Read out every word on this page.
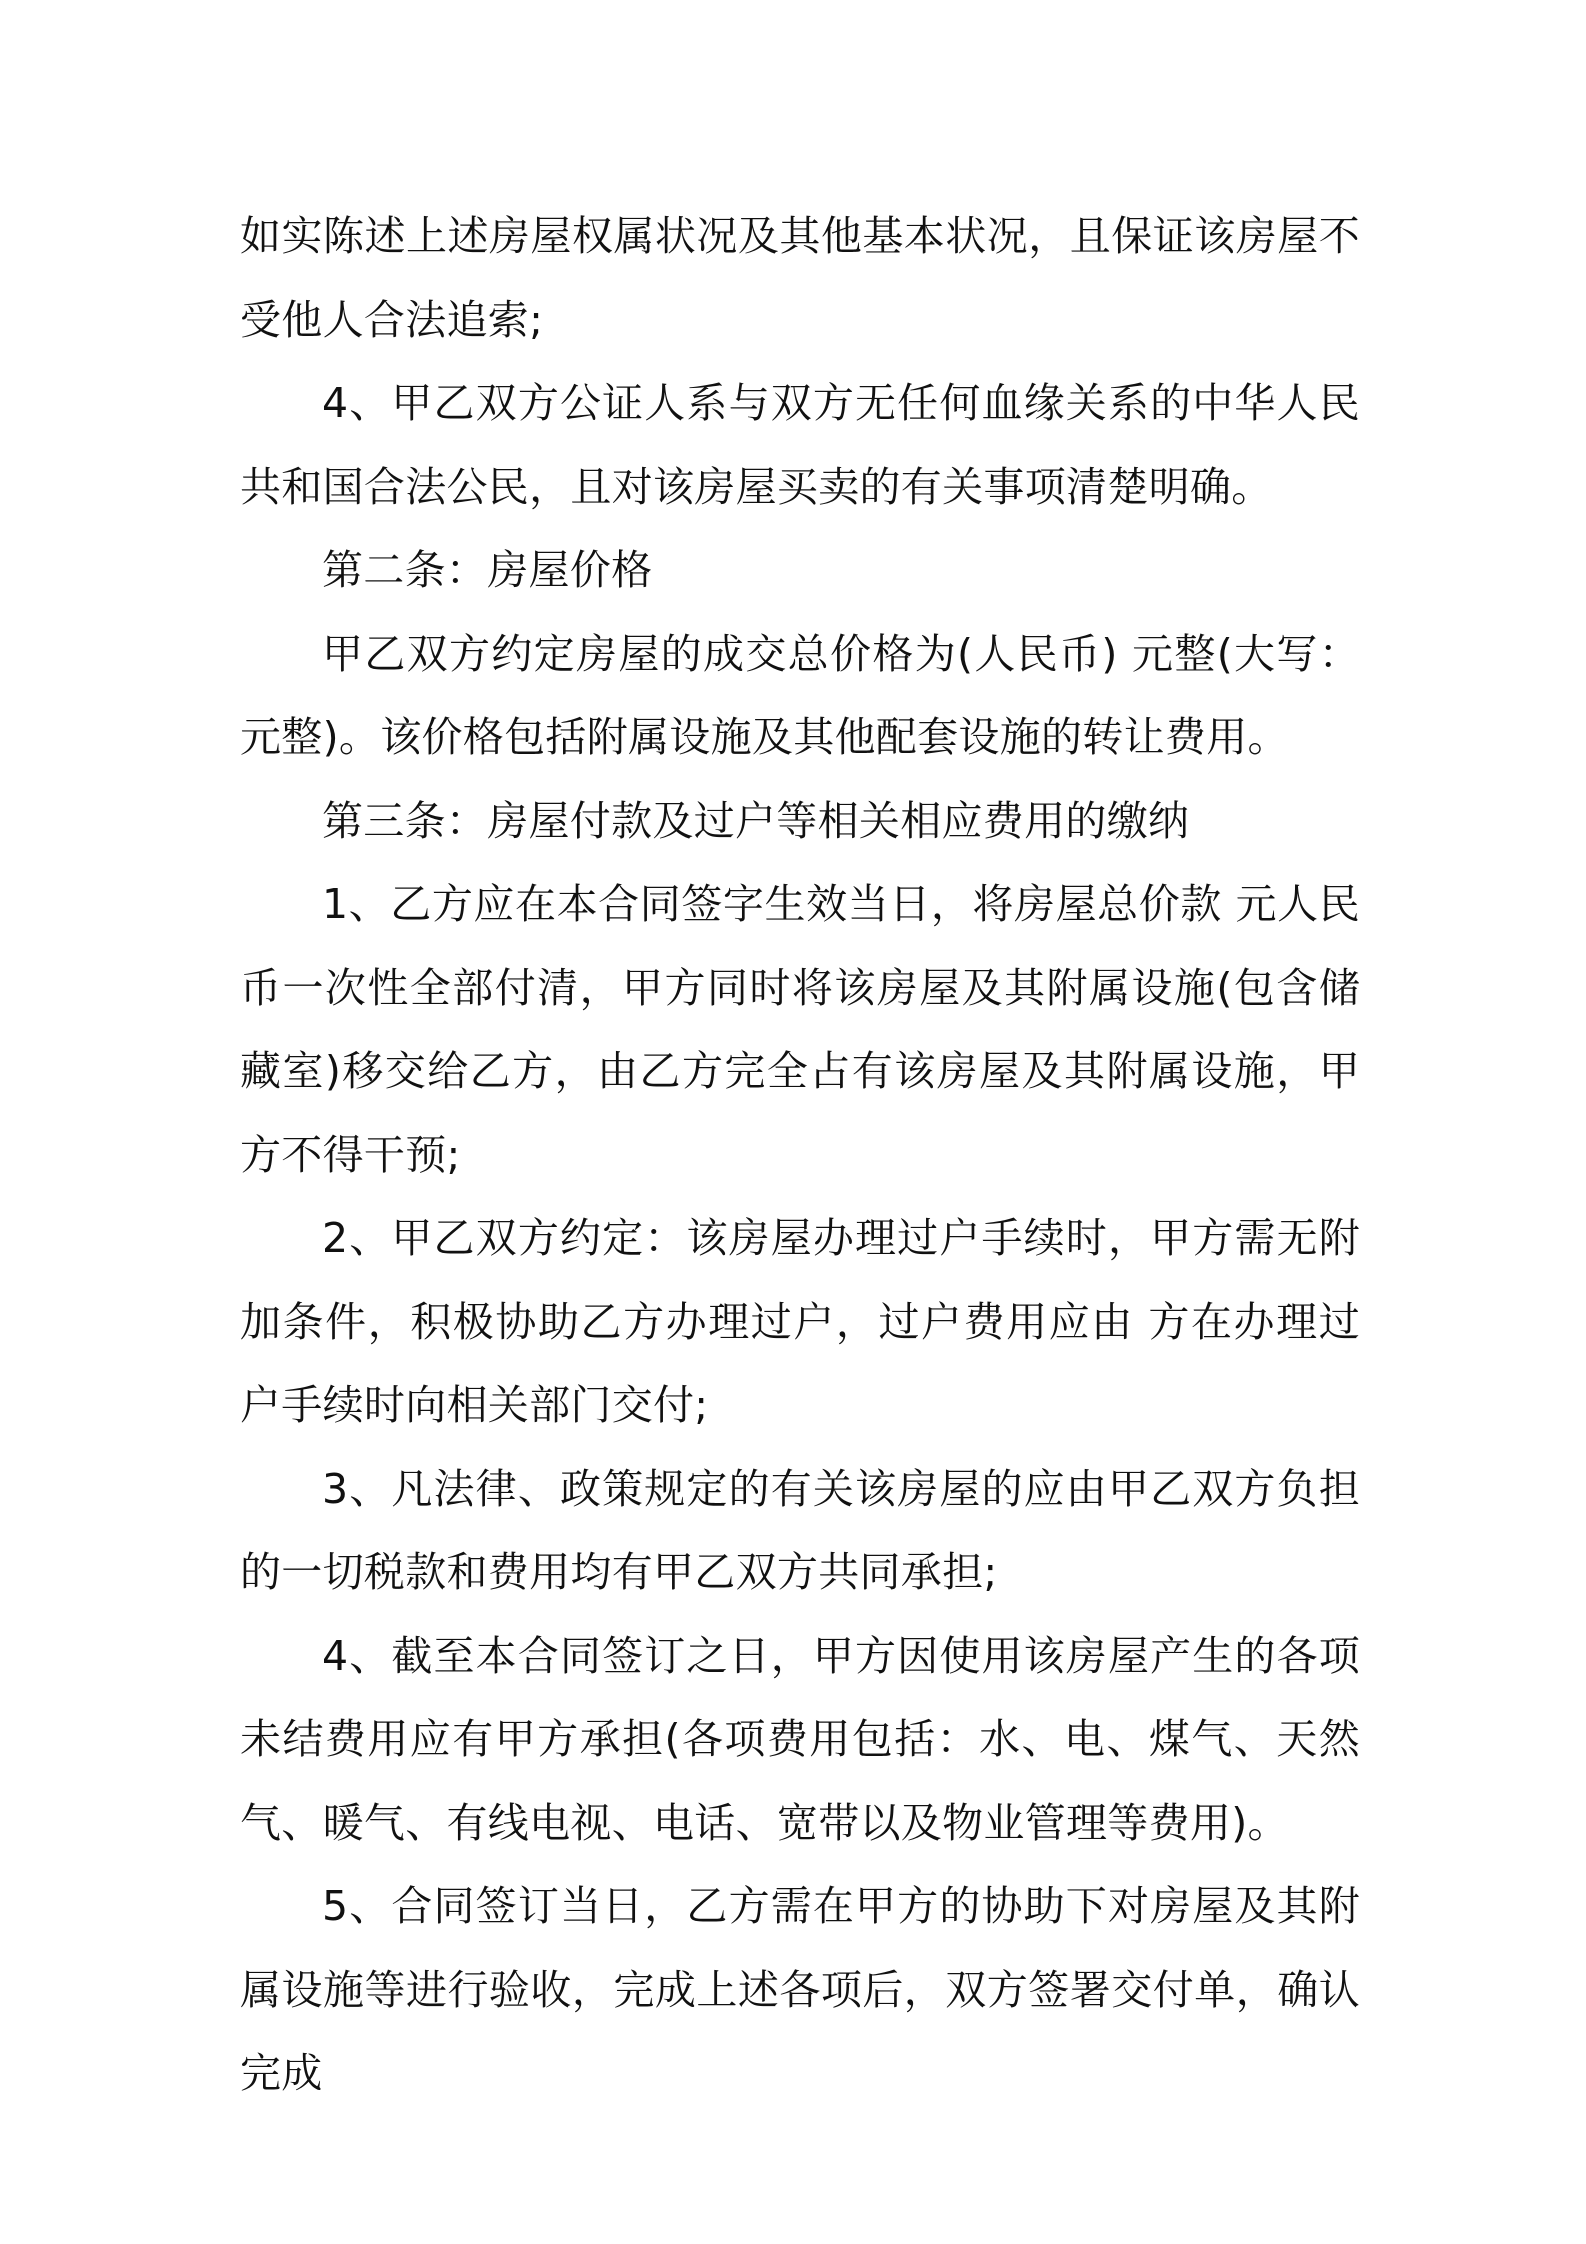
如实陈述上述房屋权属状况及其他基本状况，且保证该房屋不受他人合法追索;

4、甲乙双方公证人系与双方无任何血缘关系的中华人民共和国合法公民，且对该房屋买卖的有关事项清楚明确。

第二条：房屋价格

甲乙双方约定房屋的成交总价格为(人民币) 元整(大写：元整)。该价格包括附属设施及其他配套设施的转让费用。

第三条：房屋付款及过户等相关相应费用的缴纳

1、乙方应在本合同签字生效当日，将房屋总价款 元人民币一次性全部付清，甲方同时将该房屋及其附属设施(包含储藏室)移交给乙方，由乙方完全占有该房屋及其附属设施，甲方不得干预;

2、甲乙双方约定：该房屋办理过户手续时，甲方需无附加条件，积极协助乙方办理过户，过户费用应由 方在办理过户手续时向相关部门交付;

3、凡法律、政策规定的有关该房屋的应由甲乙双方负担的一切税款和费用均有甲乙双方共同承担;

4、截至本合同签订之日，甲方因使用该房屋产生的各项未结费用应有甲方承担(各项费用包括：水、电、煤气、天然气、暖气、有线电视、电话、宽带以及物业管理等费用)。

5、合同签订当日，乙方需在甲方的协助下对房屋及其附属设施等进行验收，完成上述各项后，双方签署交付单，确认完成
